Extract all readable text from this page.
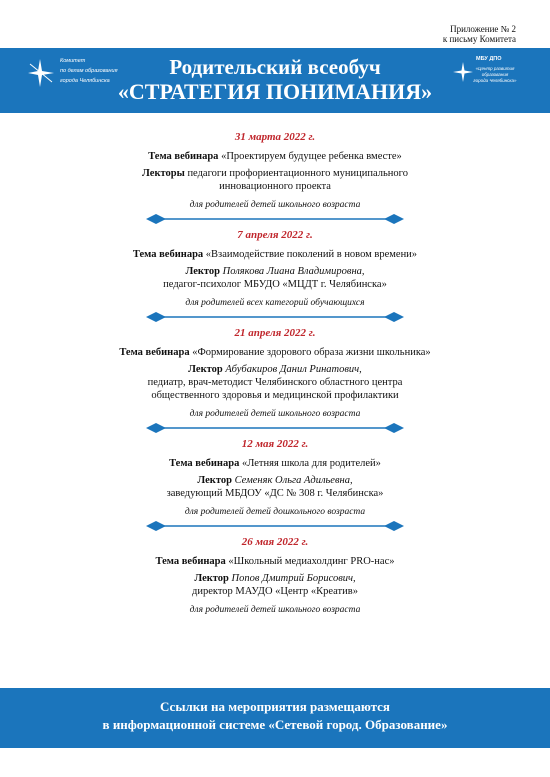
Приложение № 2
к письму Комитета
Комитет
по делам образования
города Челябинска
Родительский всеобуч
«СТРАТЕГИЯ ПОНИМАНИЯ»
МБУ ДПО
«Центр развития образования
города Челябинска»
31 марта 2022 г.
Тема вебинара «Проектируем будущее ребенка вместе»
Лекторы педагоги профориентационного муниципального
инновационного проекта
для родителей детей школьного возраста
7 апреля 2022 г.
Тема вебинара «Взаимодействие поколений в новом времени»
Лектор Полякова Лиана Владимировна,
педагог-психолог МБУДО «МЦДТ г. Челябинска»
для родителей всех категорий обучающихся
21 апреля 2022 г.
Тема вебинара «Формирование здорового образа жизни школьника»
Лектор Абубакиров Данил Ринатович,
педиатр, врач-методист Челябинского областного центра
общественного здоровья и медицинской профилактики
для родителей детей школьного возраста
12 мая 2022 г.
Тема вебинара «Летняя школа для родителей»
Лектор Семеняк Ольга Адильевна,
заведующий МБДОУ «ДС № 308 г. Челябинска»
для родителей детей дошкольного возраста
26 мая 2022 г.
Тема вебинара «Школьный медиахолдинг PRO-нас»
Лектор Попов Дмитрий Борисович,
директор МАУДО «Центр «Креатив»
для родителей детей школьного возраста
Ссылки на мероприятия размещаются
в информационной системе «Сетевой город. Образование»
